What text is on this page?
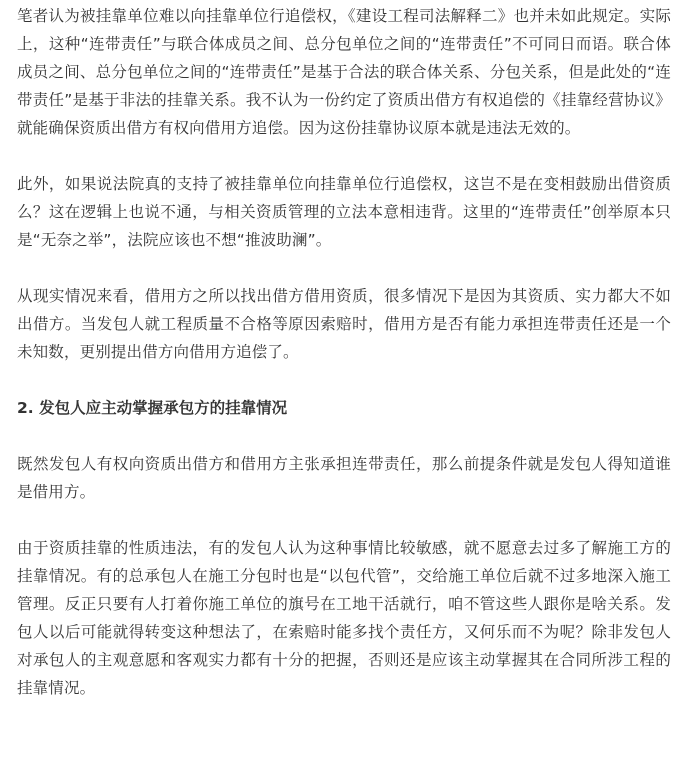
笔者认为被挂靠单位难以向挂靠单位行追偿权，《建设工程司法解释二》也并未如此规定。实际上，这种“连带责任”与联合体成员之间、总分包单位之间的“连带责任”不可同日而语。联合体成员之间、总分包单位之间的“连带责任”是基于合法的联合体关系、分包关系，但是此处的“连带责任”是基于非法的挂靠关系。我不认为一份约定了资质出借方有权追偿的《挂靠经营协议》就能确保资质出借方有权向借用方追偿。因为这份挂靠协议原本就是违法无效的。

此外，如果说法院真的支持了被挂靠单位向挂靠单位行追偿权，这岂不是在变相鼓励出借资质么？这在逻辑上也说不通，与相关资质管理的立法本意相违背。这里的“连带责任”创举原本只是“无奈之举”，法院应该也不想“推波助澜”。

从现实情况来看，借用方之所以找出借方借用资质，很多情况下是因为其资质、实力都大不如出借方。当发包人就工程质量不合格等原因索赔时，借用方是否有能力承担连带责任还是一个未知数，更别提出借方向借用方追偿了。

2. 发包人应主动掌握承包方的挂靠情况

既然发包人有权向资质出借方和借用方主张承担连带责任，那么前提条件就是发包人得知道谁是借用方。

由于资质挂靠的性质违法，有的发包人认为这种事情比较敏感，就不愿意去过多了解施工方的挂靠情况。有的总承包人在施工分包时也是“以包代管”，交给施工单位后就不过多地深入施工管理。反正只要有人打着你施工单位的旗号在工地干活就行，咱不管这些人跟你是啥关系。发包人以后可能就得转变这种想法了，在索赔时能多找个责任方，又何乐而不为呢？除非发包人对承包人的主观意愿和客观实力都有十分的把握，否则还是应该主动掌握其在合同所涉工程的挂靠情况。
